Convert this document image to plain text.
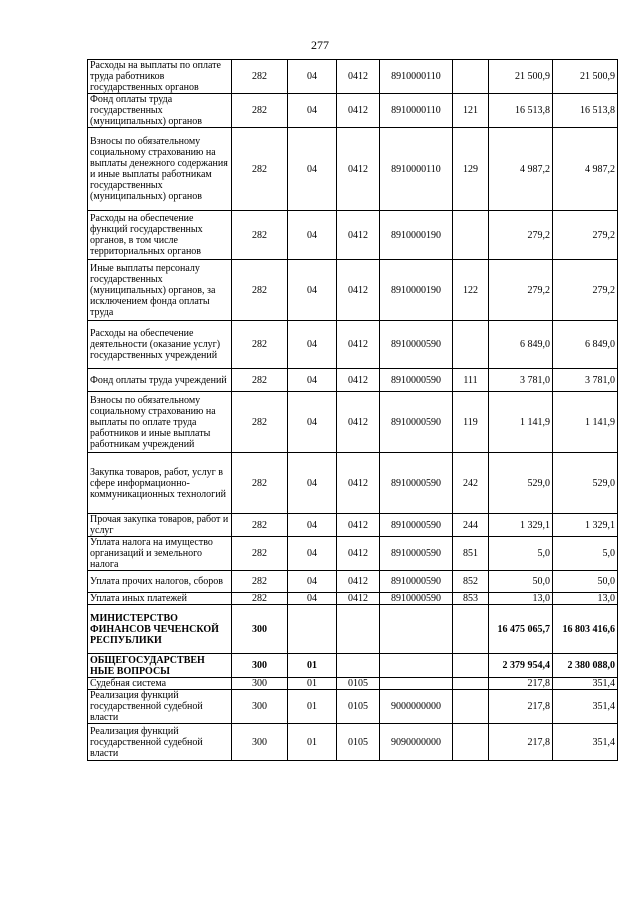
277
Расходы на выплаты по оплате труда работников государственных органов	282	04	0412	8910000110		21 500,9	21 500,9
Фонд оплаты труда государственных (муниципальных) органов	282	04	0412	8910000110	121	16 513,8	16 513,8
Взносы по обязательному социальному страхованию на выплаты денежного содержания и иные выплаты работникам государственных (муниципальных) органов	282	04	0412	8910000110	129	4 987,2	4 987,2
Расходы на обеспечение функций государственных органов, в том числе территориальных органов	282	04	0412	8910000190		279,2	279,2
Иные выплаты персоналу государственных (муниципальных) органов, за исключением фонда оплаты труда	282	04	0412	8910000190	122	279,2	279,2
Расходы на обеспечение деятельности (оказание услуг) государственных учреждений	282	04	0412	8910000590		6 849,0	6 849,0
Фонд оплаты труда учреждений	282	04	0412	8910000590	111	3 781,0	3 781,0
Взносы по обязательному социальному страхованию на выплаты по оплате труда работников и иные выплаты работникам учреждений	282	04	0412	8910000590	119	1 141,9	1 141,9
Закупка товаров, работ, услуг в сфере информационно-коммуникационных технологий	282	04	0412	8910000590	242	529,0	529,0
Прочая закупка товаров, работ и услуг	282	04	0412	8910000590	244	1 329,1	1 329,1
Уплата налога на имущество организаций и земельного налога	282	04	0412	8910000590	851	5,0	5,0
Уплата прочих налогов, сборов	282	04	0412	8910000590	852	50,0	50,0
Уплата иных платежей	282	04	0412	8910000590	853	13,0	13,0
МИНИСТЕРСТВО ФИНАНСОВ ЧЕЧЕНСКОЙ РЕСПУБЛИКИ	300					16 475 065,7	16 803 416,6
ОБЩЕГОСУДАРСТВЕН НЫЕ ВОПРОСЫ	300	01				2 379 954,4	2 380 088,0
Судебная система	300	01	0105			217,8	351,4
Реализация функций государственной судебной власти	300	01	0105	9000000000		217,8	351,4
Реализация функций государственной судебной власти	300	01	0105	9090000000		217,8	351,4
